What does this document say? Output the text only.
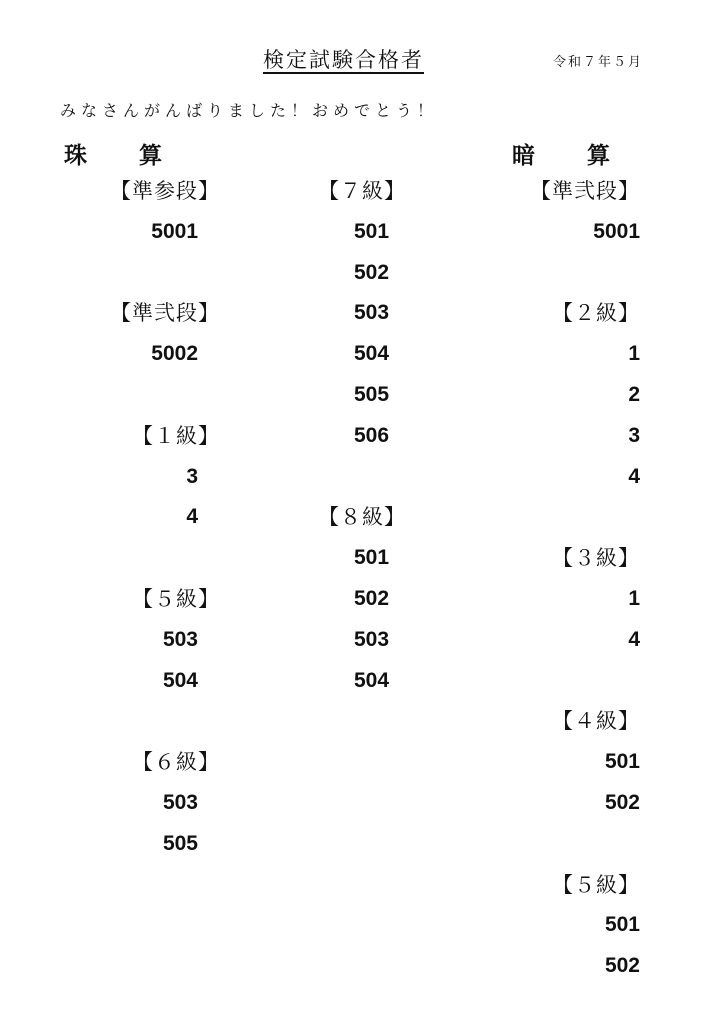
検定試験合格者	令和７年５月
みなさんがんばりました！おめでとう！
珠 算	暗 算
【準参段】
5001
【準弐段】
5002
【１級】
3
4
【５級】
503
504
【６級】
503
505
【７級】
501
502
503
504
505
506
【８級】
501
502
503
504
【準弐段】
5001
【２級】
1
2
3
4
【３級】
1
4
【４級】
501
502
【５級】
501
502
